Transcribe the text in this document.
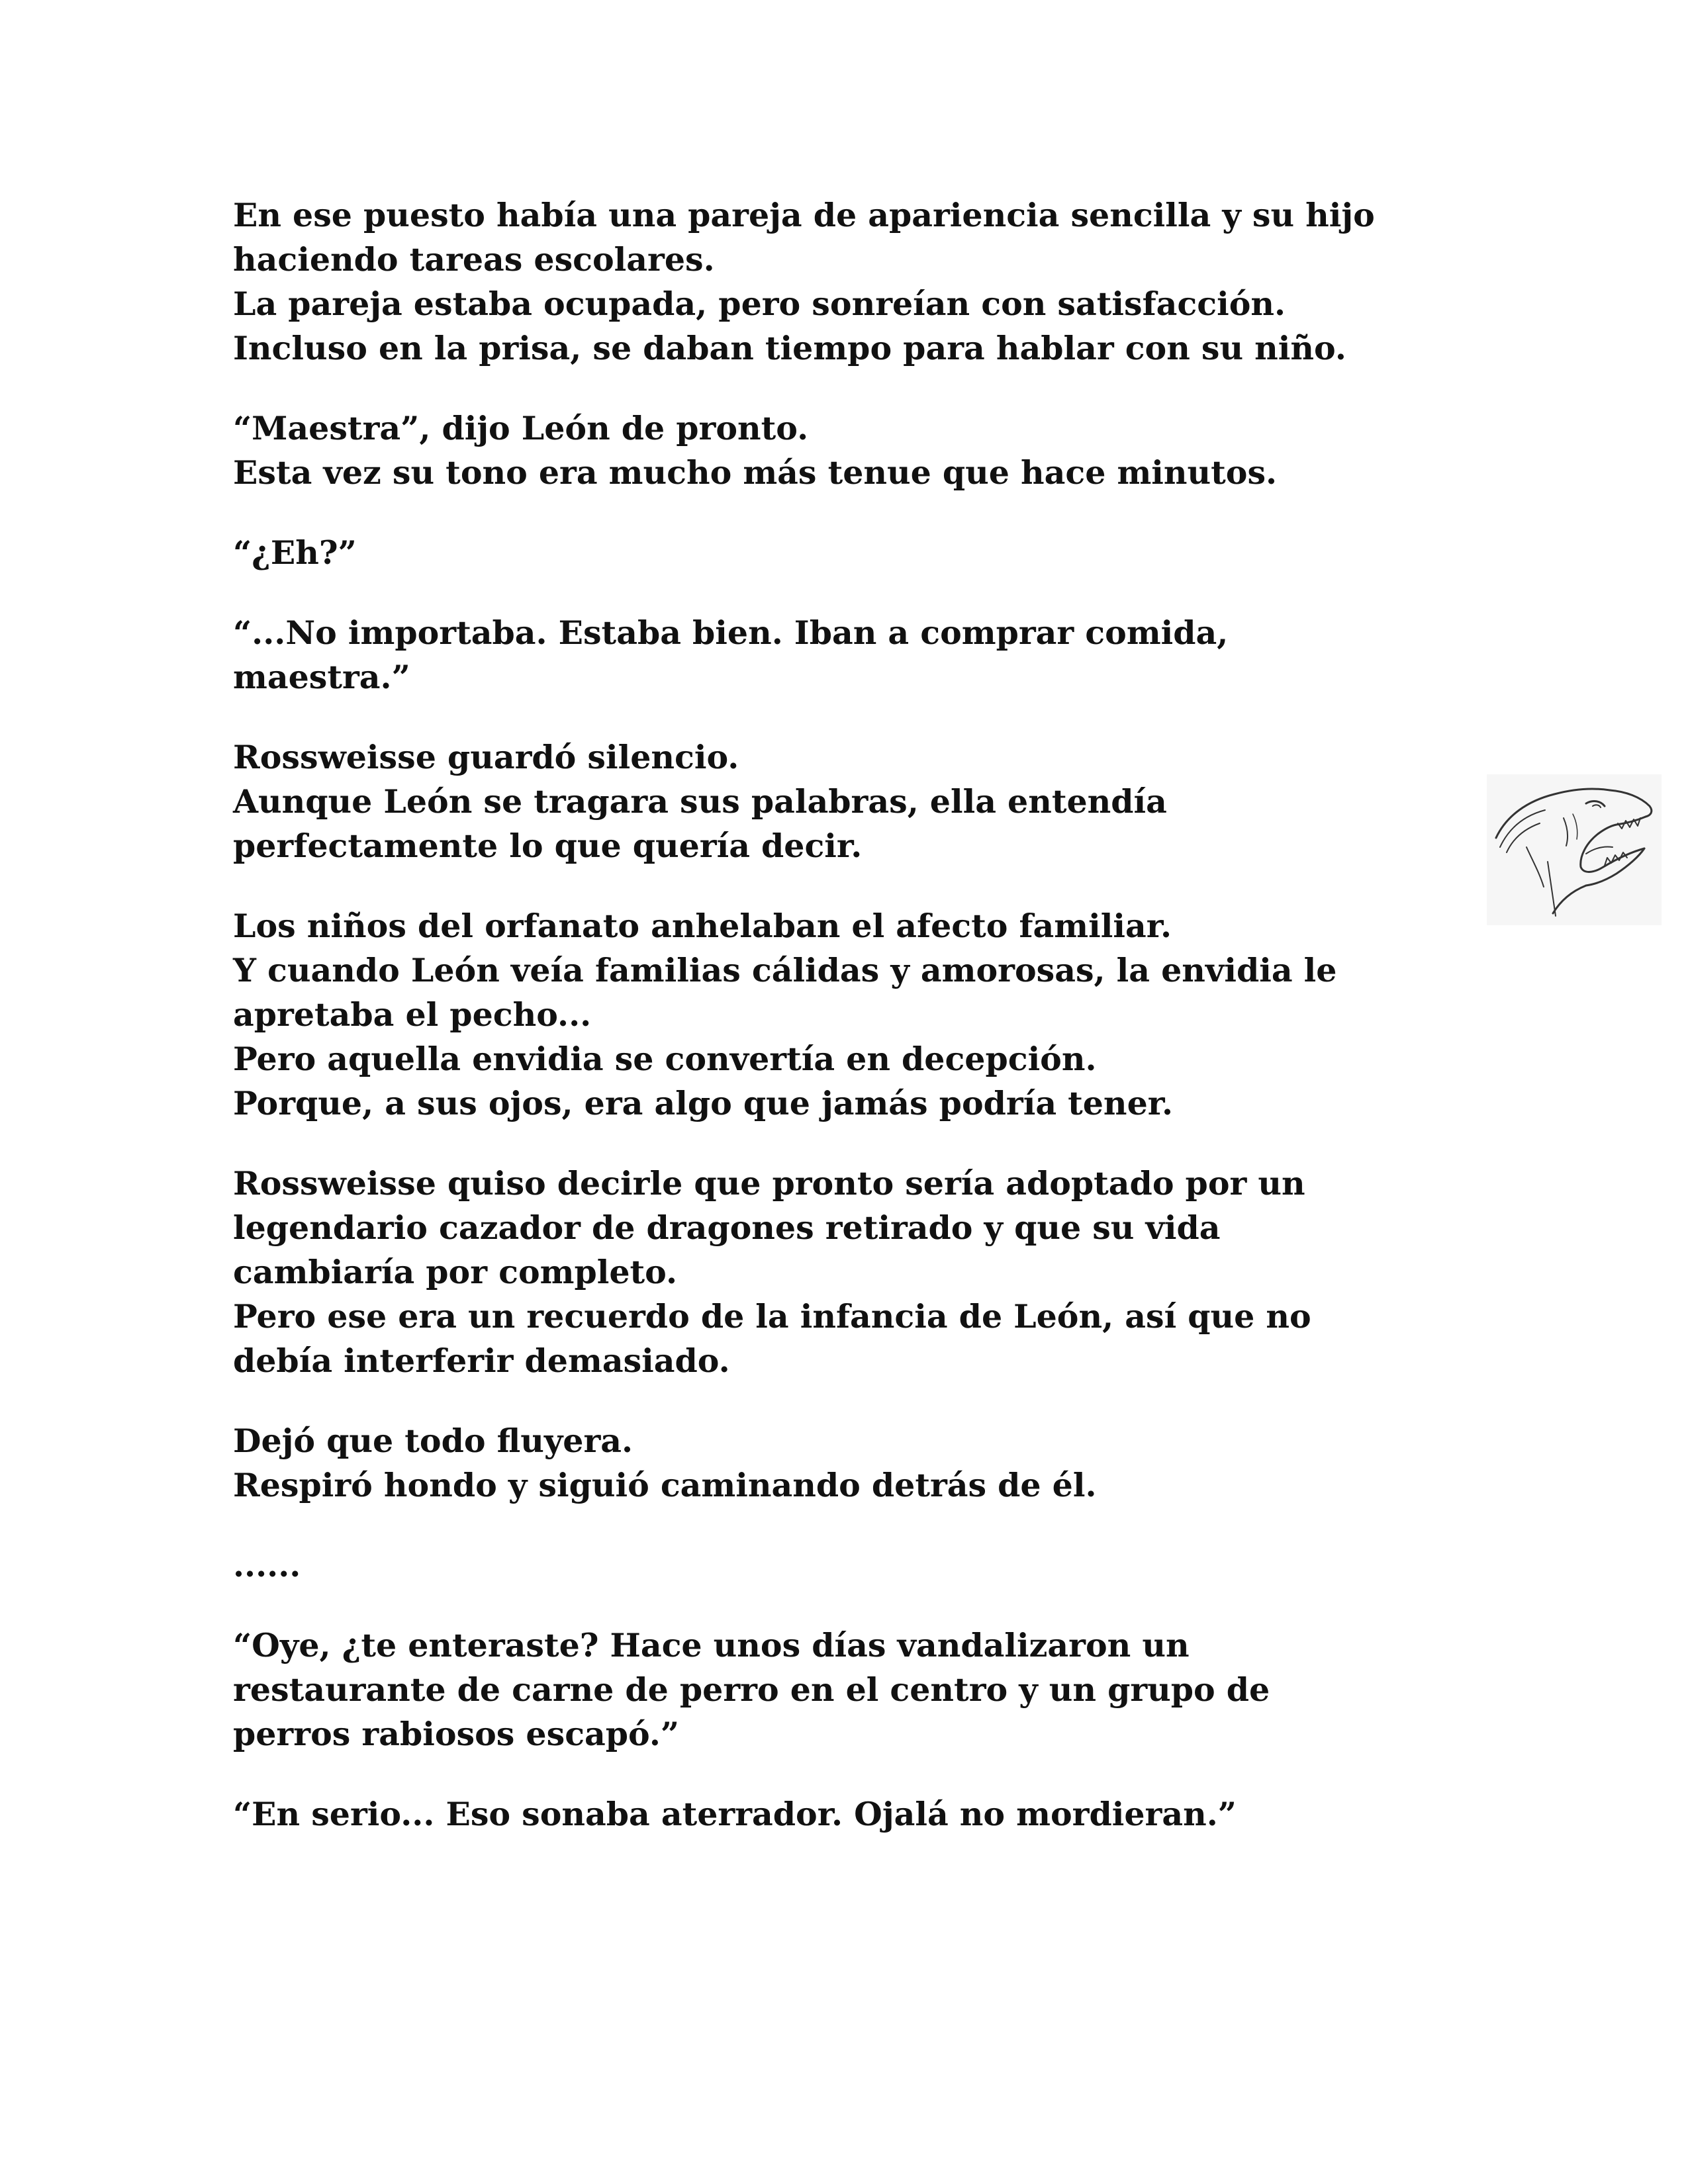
En ese puesto había una pareja de apariencia sencilla y su hijo
haciendo tareas escolares.
La pareja estaba ocupada, pero sonreían con satisfacción.
Incluso en la prisa, se daban tiempo para hablar con su niño.
“Maestra”, dijo León de pronto.
Esta vez su tono era mucho más tenue que hace minutos.
“¿Eh?”
“...No importaba. Estaba bien. Iban a comprar comida,
maestra.”
Rossweisse guardó silencio.
Aunque León se tragara sus palabras, ella entendía
perfectamente lo que quería decir.
Los niños del orfanato anhelaban el afecto familiar.
Y cuando León veía familias cálidas y amorosas, la envidia le
apretaba el pecho...
Pero aquella envidia se convertía en decepción.
Porque, a sus ojos, era algo que jamás podría tener.
Rossweisse quiso decirle que pronto sería adoptado por un
legendario cazador de dragones retirado y que su vida
cambiaría por completo.
Pero ese era un recuerdo de la infancia de León, así que no
debía interferir demasiado.
Dejó que todo fluyera.
Respiró hondo y siguió caminando detrás de él.
......
“Oye, ¿te enteraste? Hace unos días vandalizaron un
restaurante de carne de perro en el centro y un grupo de
perros rabiosos escapó.”
“En serio... Eso sonaba aterrador. Ojalá no mordieran.”
